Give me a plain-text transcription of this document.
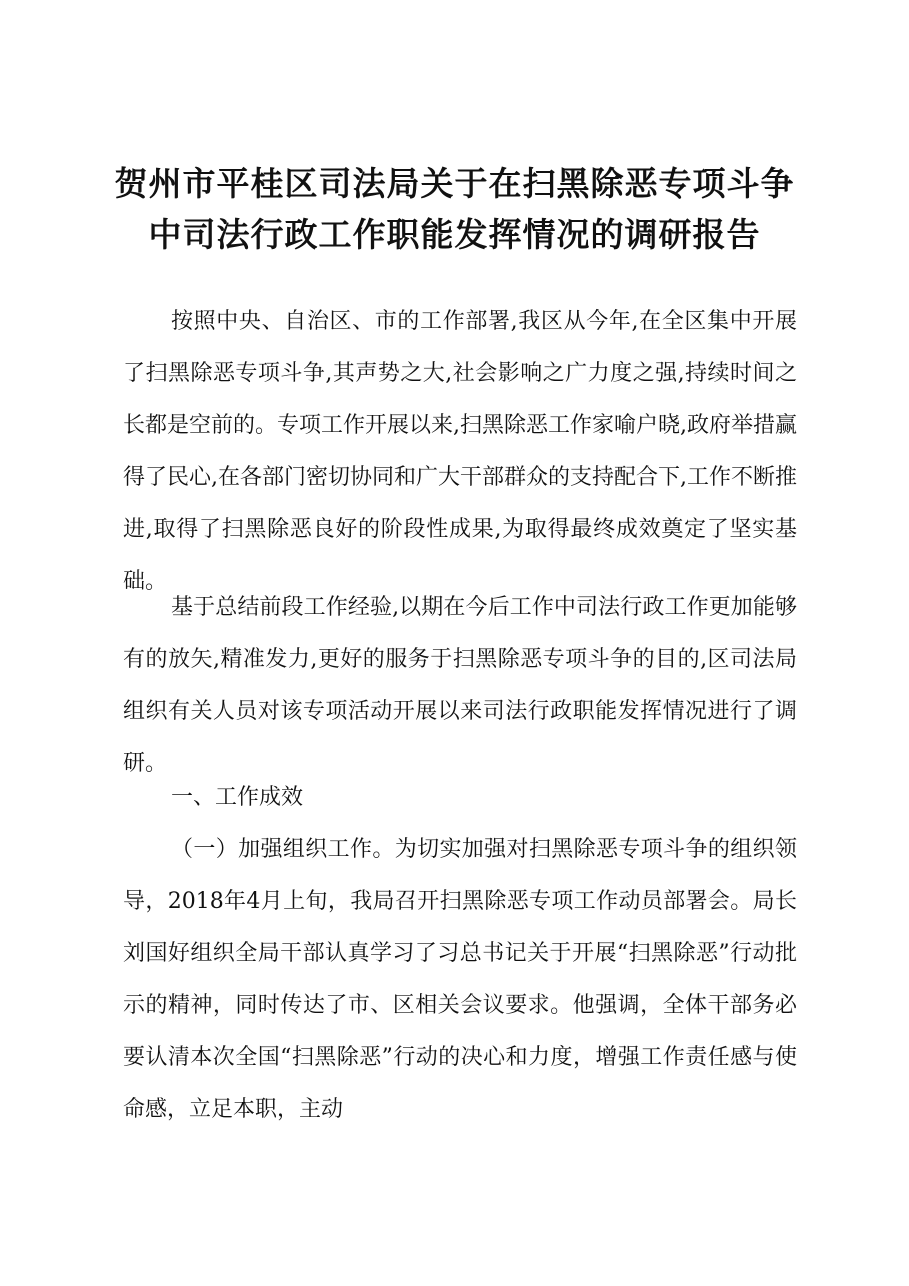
贺州市平桂区司法局关于在扫黑除恶专项斗争
中司法行政工作职能发挥情况的调研报告

按照中央、自治区、市的工作部署,我区从今年,在全区集中开展了扫黑除恶专项斗争,其声势之大,社会影响之广力度之强,持续时间之长都是空前的。专项工作开展以来,扫黑除恶工作家喻户晓,政府举措赢得了民心,在各部门密切协同和广大干部群众的支持配合下,工作不断推进,取得了扫黑除恶良好的阶段性成果,为取得最终成效奠定了坚实基础。

基于总结前段工作经验,以期在今后工作中司法行政工作更加能够有的放矢,精准发力,更好的服务于扫黑除恶专项斗争的目的,区司法局组织有关人员对该专项活动开展以来司法行政职能发挥情况进行了调研。

一、工作成效

（一）加强组织工作。为切实加强对扫黑除恶专项斗争的组织领导，2018年4月上旬，我局召开扫黑除恶专项工作动员部署会。局长刘国好组织全局干部认真学习了习总书记关于开展“扫黑除恶”行动批示的精神，同时传达了市、区相关会议要求。他强调，全体干部务必要认清本次全国“扫黑除恶”行动的决心和力度，增强工作责任感与使命感，立足本职，主动
